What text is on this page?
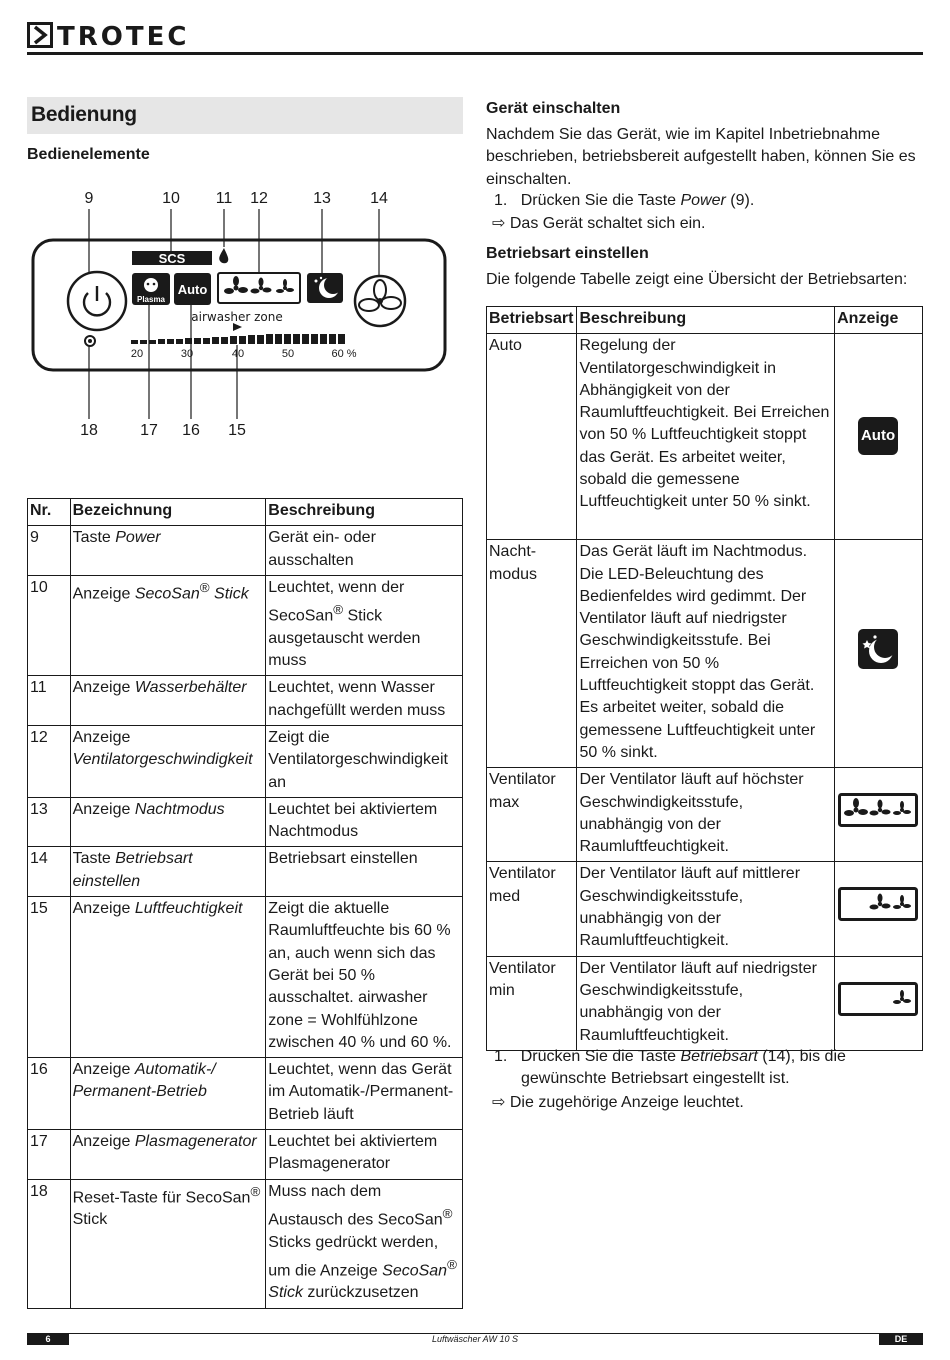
TROTEC
Bedienung
Bedienelemente
9	10 11 12	13 14
18	17 16 15
SCS
Plasma
Auto
airwasher zone
20	30	40	50	60 %
Nr.	Bezeichnung	Beschreibung
9	Taste Power	Gerät ein- oder ausschalten
10	Anzeige SecoSan® Stick	Leuchtet, wenn der SecoSan® Stick ausgetauscht werden muss
11	Anzeige Wasserbehälter	Leuchtet, wenn Wasser nachgefüllt werden muss
12	Anzeige Ventilatorgeschwindigkeit	Zeigt die Ventilatorgeschwindigkeit an
13	Anzeige Nachtmodus	Leuchtet bei aktiviertem Nachtmodus
14	Taste Betriebsart einstellen	Betriebsart einstellen
15	Anzeige Luftfeuchtigkeit	Zeigt die aktuelle Raumluftfeuchte bis 60 % an, auch wenn sich das Gerät bei 50 % ausschaltet. airwasher zone = Wohlfühlzone zwischen 40 % und 60 %.
16	Anzeige Automatik-/ Permanent-Betrieb	Leuchtet, wenn das Gerät im Automatik-/Permanent-Betrieb läuft
17	Anzeige Plasmagenerator	Leuchtet bei aktiviertem Plasmagenerator
18	Reset-Taste für SecoSan® Stick	Muss nach dem Austausch des SecoSan® Sticks gedrückt werden, um die Anzeige SecoSan® Stick zurückzusetzen
Gerät einschalten
Nachdem Sie das Gerät, wie im Kapitel Inbetriebnahme beschrieben, betriebsbereit aufgestellt haben, können Sie es einschalten.
1. Drücken Sie die Taste Power (9).
⇨ Das Gerät schaltet sich ein.
Betriebsart einstellen
Die folgende Tabelle zeigt eine Übersicht der Betriebsarten:
Betriebsart	Beschreibung	Anzeige
Auto	Regelung der Ventilatorgeschwindigkeit in Abhängigkeit von der Raumluftfeuchtigkeit. Bei Erreichen von 50 % Luftfeuchtigkeit stoppt das Gerät. Es arbeitet weiter, sobald die gemessene Luftfeuchtigkeit unter 50 % sinkt.	Auto
Nacht-modus	Das Gerät läuft im Nachtmodus. Die LED-Beleuchtung des Bedienfeldes wird gedimmt. Der Ventilator läuft auf niedrigster Geschwindigkeitsstufe. Bei Erreichen von 50 % Luftfeuchtigkeit stoppt das Gerät. Es arbeitet weiter, sobald die gemessene Luftfeuchtigkeit unter 50 % sinkt.	
Ventilator max	Der Ventilator läuft auf höchster Geschwindigkeitsstufe, unabhängig von der Raumluftfeuchtigkeit.	
Ventilator med	Der Ventilator läuft auf mittlerer Geschwindigkeitsstufe, unabhängig von der Raumluftfeuchtigkeit.	
Ventilator min	Der Ventilator läuft auf niedrigster Geschwindigkeitsstufe, unabhängig von der Raumluftfeuchtigkeit.	
1. Drücken Sie die Taste Betriebsart (14), bis die gewünschte Betriebsart eingestellt ist.
⇨ Die zugehörige Anzeige leuchtet.
6	Luftwäscher AW 10 S	DE
